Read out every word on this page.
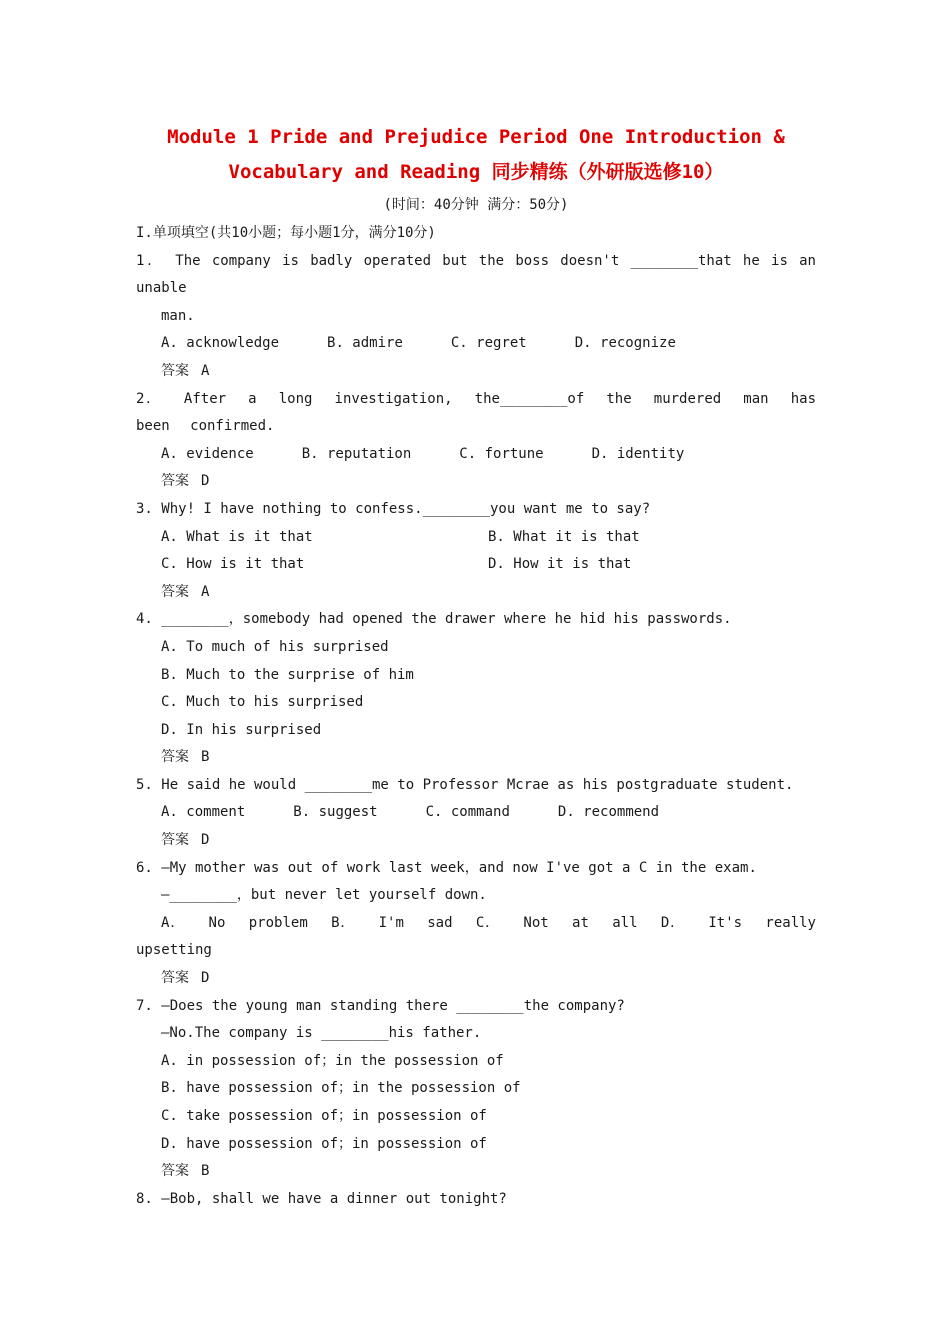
Module 1 Pride and Prejudice Period One Introduction &

Vocabulary and Reading 同步精练（外研版选修10）

(时间：40分钟 满分：50分)

I.单项填空(共10小题；每小题1分，满分10分)

1． The company is badly operated but the boss doesn't ________that he is an unable

man.

A. acknowledge	B. admire	C. regret	D. recognize

答案 A

2． After a long investigation, the________of the murdered man has been confirmed.

A. evidence	B. reputation	C. fortune	D. identity

答案 D

3. Why! I have nothing to confess.________you want me to say?

A. What is it that	B. What it is that
C. How is it that	D. How it is that

答案 A

4. ________，somebody had opened the drawer where he hid his passwords.

A. To much of his surprised

B. Much to the surprise of him

C. Much to his surprised

D. In his surprised

答案 B

5. He said he would ________me to Professor Mcrae as his postgraduate student.

A. comment	B. suggest	C. command	D. recommend

答案 D

6. —My mother was out of work last week，and now I've got a C in the exam.

—________，but never let yourself down.

A． No problem B． I'm sad C． Not at all D． It's really upsetting

答案 D

7. —Does the young man standing there ________the company?

—No.The company is ________his father.

A. in possession of；in the possession of

B. have possession of；in the possession of

C. take possession of；in possession of

D. have possession of；in possession of

答案 B

8. —Bob, shall we have a dinner out tonight?
